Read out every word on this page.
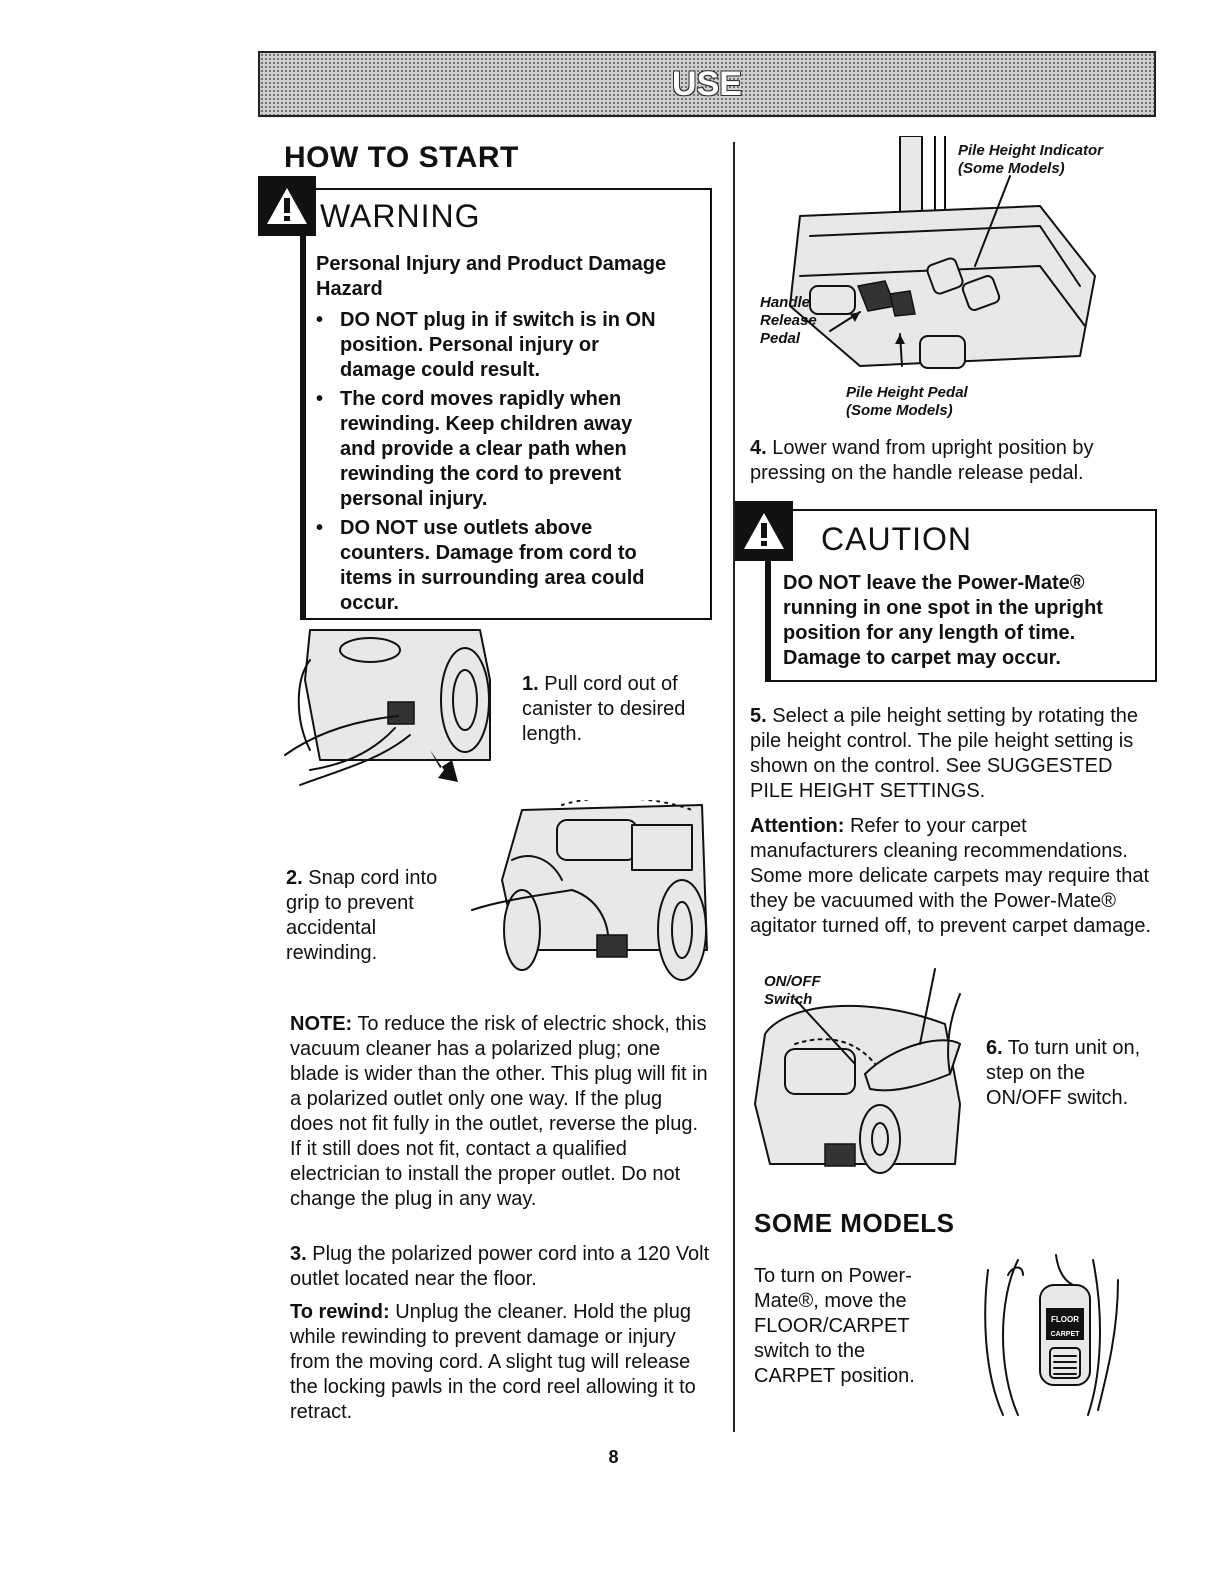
USE
HOW TO START
WARNING
Personal Injury and Product Damage Hazard
• DO NOT plug in if switch is in ON position. Personal injury or damage could result.
• The cord moves rapidly when rewinding. Keep children away and provide a clear path when rewinding the cord to prevent personal injury.
• DO NOT use outlets above counters. Damage from cord to items in surrounding area could occur.
1. Pull cord out of canister to desired length.
2. Snap cord into grip to prevent accidental rewinding.
NOTE: To reduce the risk of electric shock, this vacuum cleaner has a polarized plug; one blade is wider than the other. This plug will fit in a polarized outlet only one way. If the plug does not fit fully in the outlet, reverse the plug. If it still does not fit, contact a qualified electrician to install the proper outlet. Do not change the plug in any way.
3. Plug the polarized power cord into a 120 Volt outlet located near the floor.
To rewind: Unplug the cleaner. Hold the plug while rewinding to prevent damage or injury from the moving cord. A slight tug will release the locking pawls in the cord reel allowing it to retract.
Pile Height Indicator
(Some Models)
Handle Release Pedal
Pile Height Pedal
(Some Models)
4. Lower wand from upright position by pressing on the handle release pedal.
CAUTION
DO NOT leave the Power-Mate® running in one spot in the upright position for any length of time. Damage to carpet may occur.
5. Select a pile height setting by rotating the pile height control. The pile height setting is shown on the control. See SUGGESTED PILE HEIGHT SETTINGS.
Attention: Refer to your carpet manufacturers cleaning recommendations. Some more delicate carpets may require that they be vacuumed with the Power-Mate® agitator turned off, to prevent carpet damage.
ON/OFF Switch
6. To turn unit on, step on the ON/OFF switch.
SOME MODELS
To turn on Power-Mate®, move the FLOOR/CARPET switch to the CARPET position.
FLOOR
CARPET
8
